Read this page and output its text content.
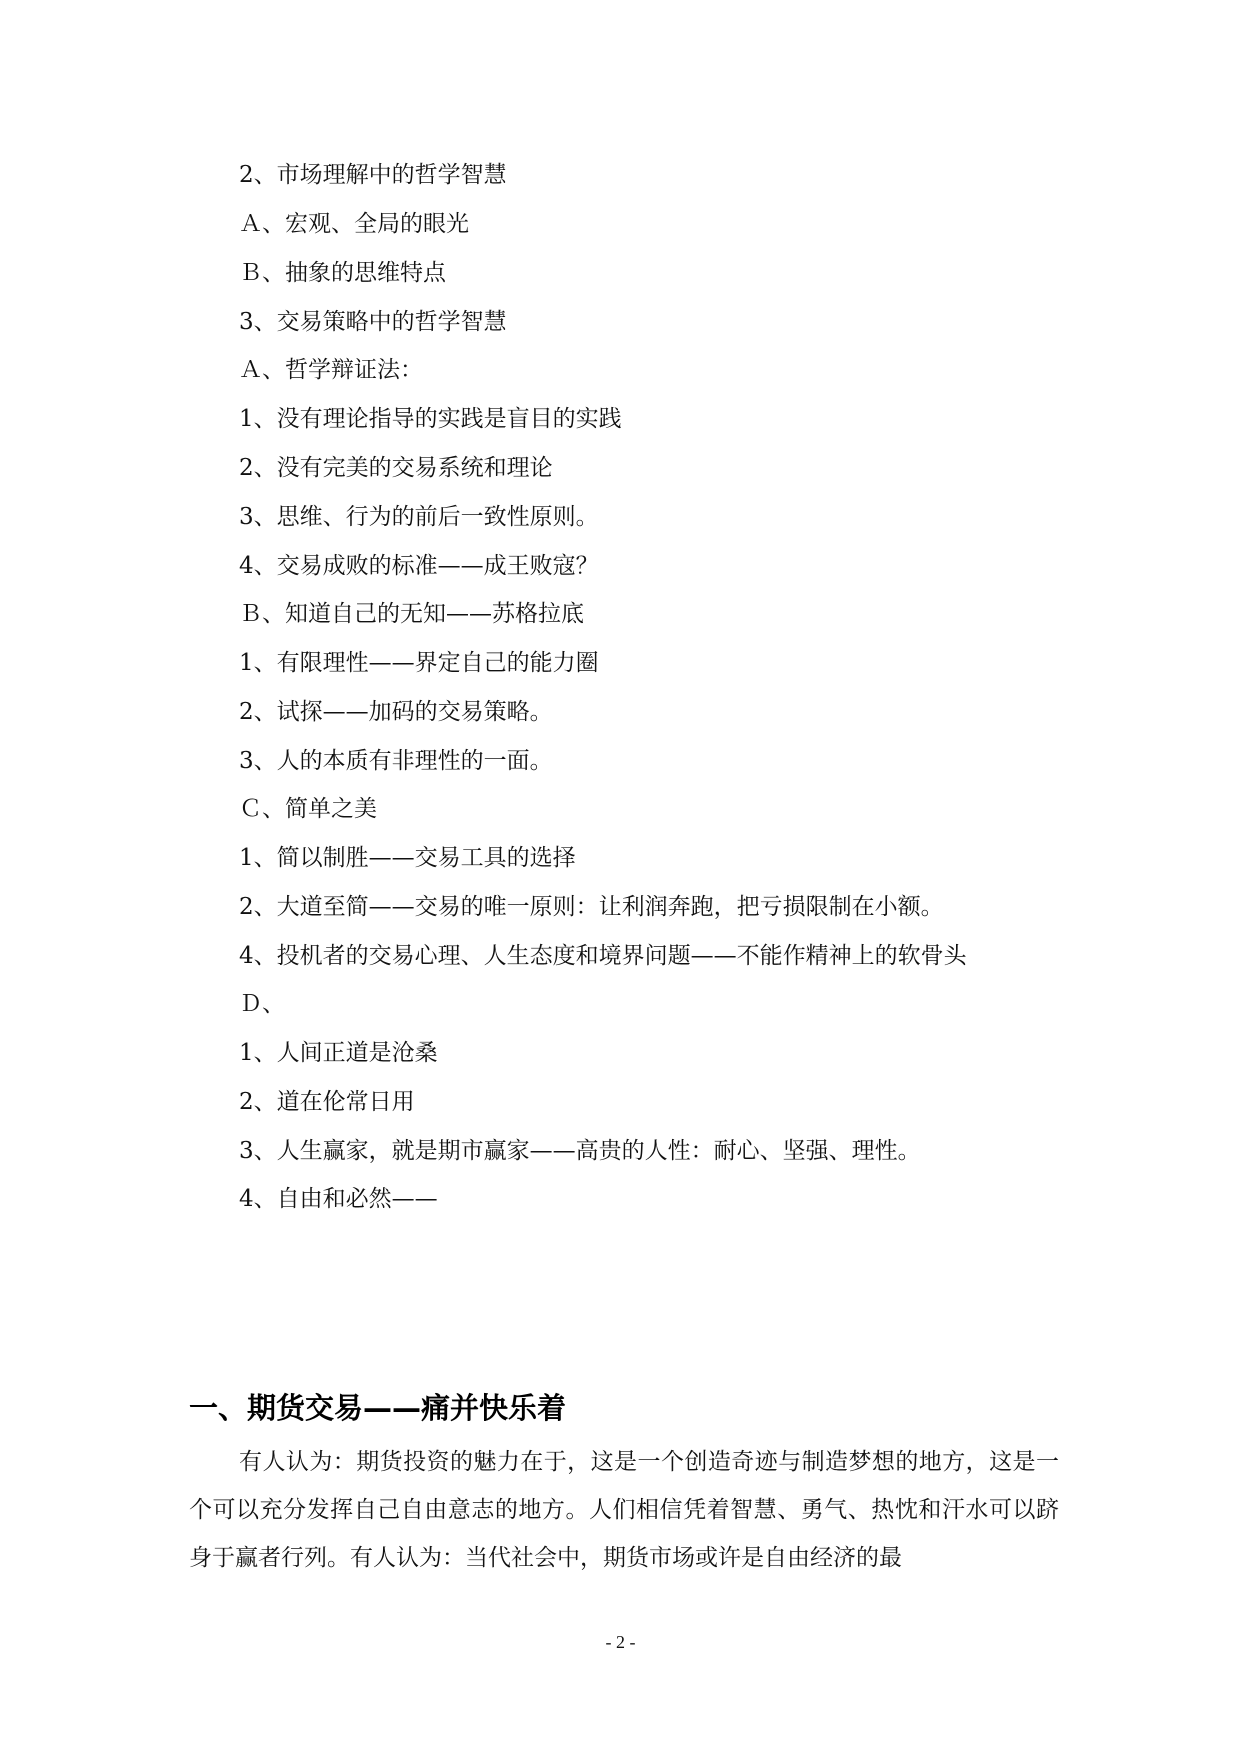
2、市场理解中的哲学智慧
Ａ、宏观、全局的眼光
Ｂ、抽象的思维特点
3、交易策略中的哲学智慧
Ａ、哲学辩证法：
1、没有理论指导的实践是盲目的实践
2、没有完美的交易系统和理论
3、思维、行为的前后一致性原则。
4、交易成败的标准——成王败寇？
Ｂ、知道自己的无知——苏格拉底
1、有限理性——界定自己的能力圈
2、试探——加码的交易策略。
3、人的本质有非理性的一面。
Ｃ、简单之美
1、简以制胜——交易工具的选择
2、大道至简——交易的唯一原则：让利润奔跑，把亏损限制在小额。
4、投机者的交易心理、人生态度和境界问题——不能作精神上的软骨头
Ｄ、
1、人间正道是沧桑
2、道在伦常日用
3、人生赢家，就是期市赢家——高贵的人性：耐心、坚强、理性。
4、自由和必然——
一、期货交易——痛并快乐着
有人认为：期货投资的魅力在于，这是一个创造奇迹与制造梦想的地方，这是一个可以充分发挥自己自由意志的地方。人们相信凭着智慧、勇气、热忱和汗水可以跻身于赢者行列。有人认为：当代社会中，期货市场或许是自由经济的最
- 2 -
